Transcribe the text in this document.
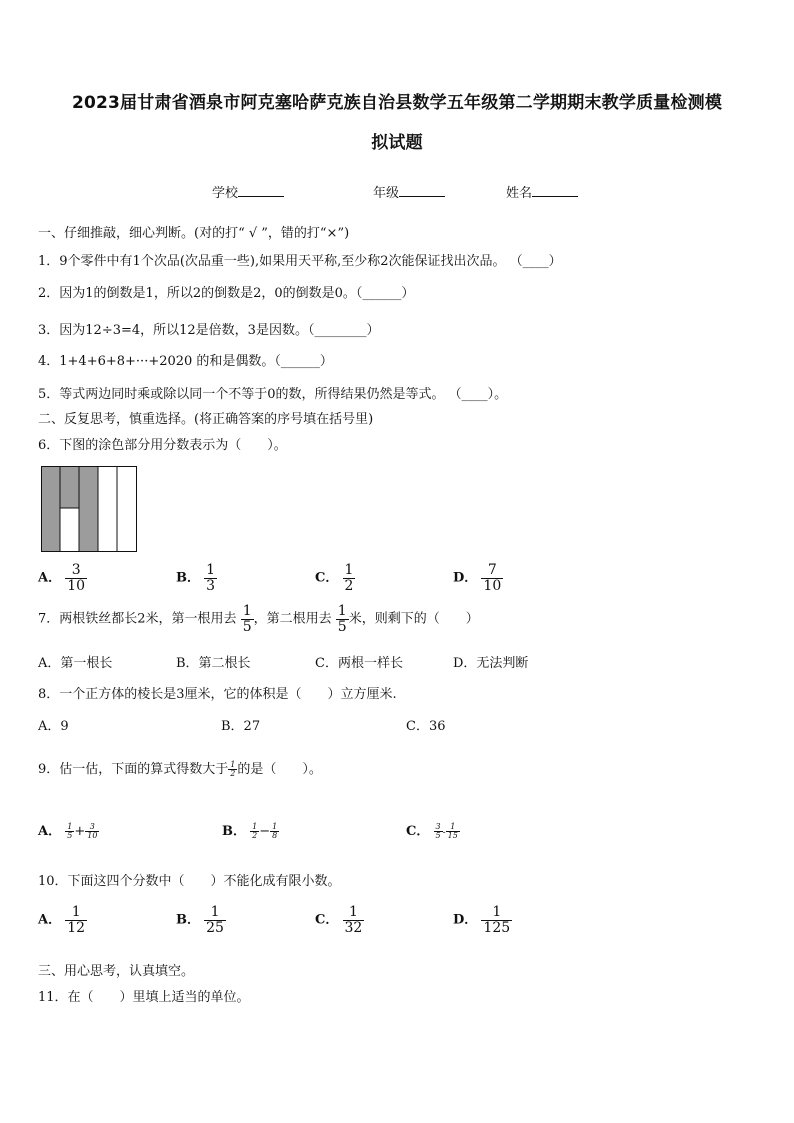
2023届甘肃省酒泉市阿克塞哈萨克族自治县数学五年级第二学期期末教学质量检测模
拟试题
学校	年级	姓名
一、仔细推敲，细心判断。(对的打“ √ ”，错的打“×”)
1．9个零件中有1个次品(次品重一些),如果用天平称,至少称2次能保证找出次品。 （____）
2．因为1的倒数是1，所以2的倒数是2，0的倒数是0。（______）
3．因为12÷3=4，所以12是倍数，3是因数。（________）
4．1+4+6+8+···+2020 的和是偶数。（______）
5．等式两边同时乘或除以同一个不等于0的数，所得结果仍然是等式。 （____）。
二、反复思考，慎重选择。(将正确答案的序号填在括号里)
6．下图的涂色部分用分数表示为（　　）。
A． $\frac{3}{10}$	B． $\frac{1}{3}$	C． $\frac{1}{2}$	D． $\frac{7}{10}$
7．两根铁丝都长2米，第一根用去 $\frac{1}{5}$ ，第二根用去 $\frac{1}{5}$ 米，则剩下的（　　）
A．第一根长	B．第二根长	C．两根一样长	D．无法判断
8．一个正方体的棱长是3厘米，它的体积是（　　）立方厘米.
A．9	B．27	C．36
9．估一估，下面的算式得数大于 $\frac{1}{2}$ 的是（　　）。
A． $\frac{1}{5} + \frac{3}{10}$	B． $\frac{1}{2} - \frac{1}{8}$	C． $\frac{3}{5} - \frac{1}{15}$
10．下面这四个分数中（　　）不能化成有限小数。
A． $\frac{1}{12}$	B． $\frac{1}{25}$	C． $\frac{1}{32}$	D． $\frac{1}{125}$
三、用心思考，认真填空。
11．在（　　）里填上适当的单位。
